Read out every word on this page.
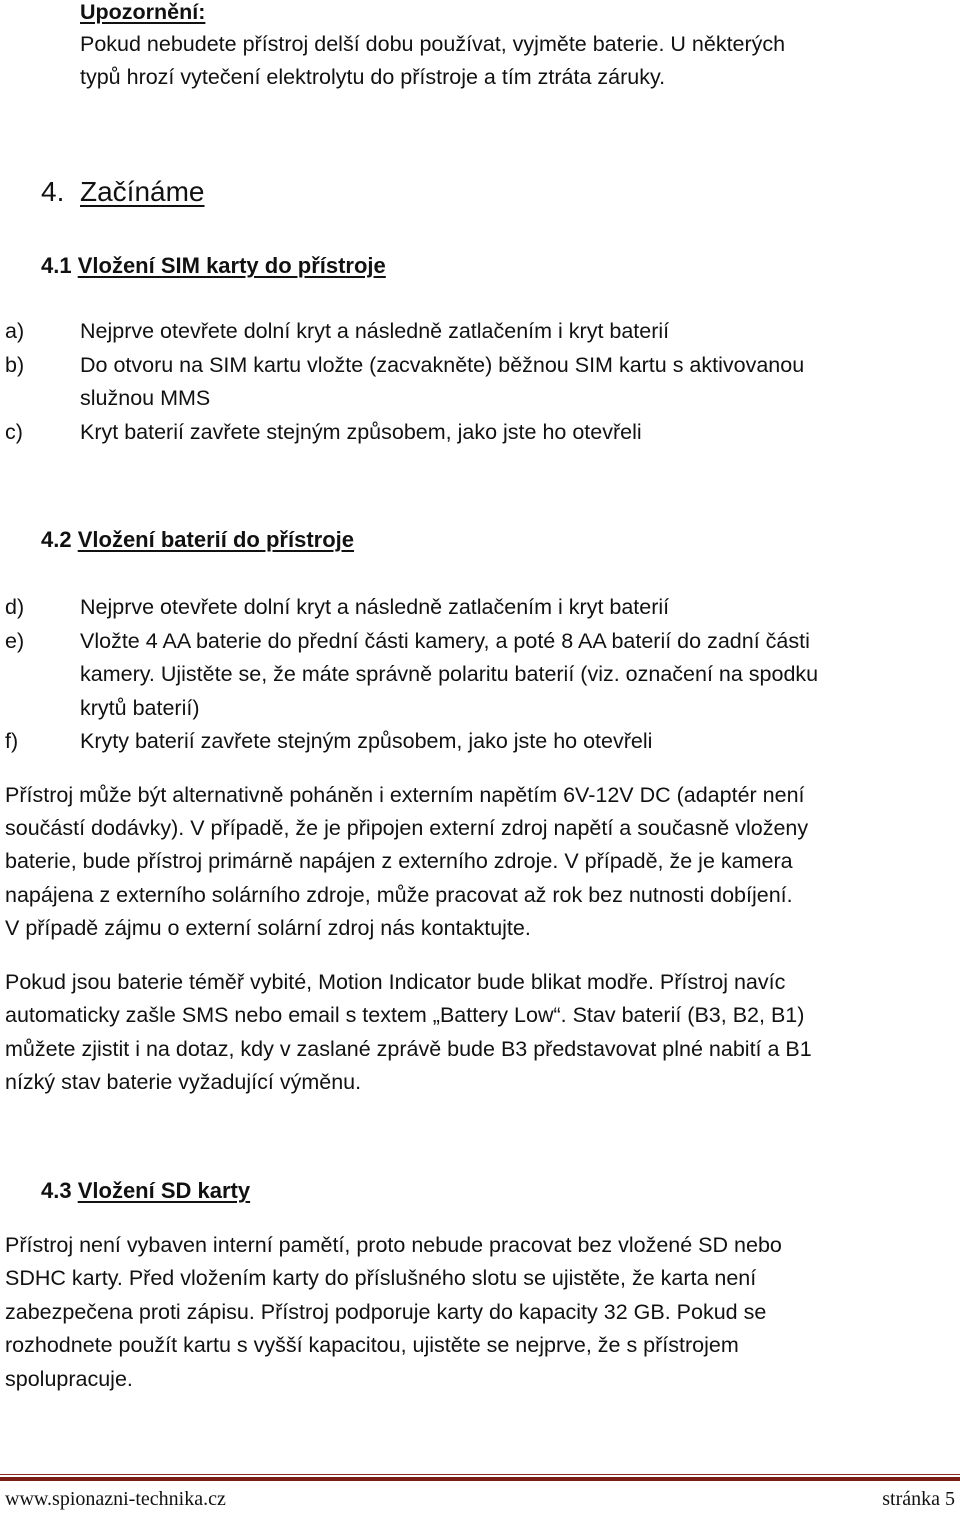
Upozornění:
Pokud nebudete přístroj delší dobu používat, vyjměte baterie. U některých
typů hrozí vytečení elektrolytu do přístroje a tím ztráta záruky.
4. Začínáme
4.1 Vložení SIM karty do přístroje
a)	Nejprve otevřete dolní kryt a následně zatlačením i kryt baterií
b)	Do otvoru na SIM kartu vložte (zacvakněte) běžnou SIM kartu s aktivovanou
služnou MMS
c)	Kryt baterií zavřete stejným způsobem, jako jste ho otevřeli
4.2 Vložení baterií do přístroje
d)	Nejprve otevřete dolní kryt a následně zatlačením i kryt baterií
e)	Vložte 4 AA baterie do přední části kamery, a poté 8 AA baterií do zadní části
kamery. Ujistěte se, že máte správně polaritu baterií (viz. označení na spodku
krytů baterií)
f)	Kryty baterií zavřete stejným způsobem, jako jste ho otevřeli
Přístroj může být alternativně poháněn i externím napětím 6V-12V DC (adaptér není
součástí dodávky). V případě, že je připojen externí zdroj napětí a současně vloženy
baterie, bude přístroj primárně napájen z externího zdroje. V případě, že je kamera
napájena z externího solárního zdroje, může pracovat až rok bez nutnosti dobíjení.
V případě zájmu o externí solární zdroj nás kontaktujte.
Pokud jsou baterie téměř vybité, Motion Indicator bude blikat modře. Přístroj navíc
automaticky zašle SMS nebo email s textem „Battery Low“. Stav baterií (B3, B2, B1)
můžete zjistit i na dotaz, kdy v zaslané zprávě bude B3 představovat plné nabití a B1
nízký stav baterie vyžadující výměnu.
4.3 Vložení SD karty
Přístroj není vybaven interní pamětí, proto nebude pracovat bez vložené SD nebo
SDHC karty. Před vložením karty do příslušného slotu se ujistěte, že karta není
zabezpečena proti zápisu. Přístroj podporuje karty do kapacity 32 GB. Pokud se
rozhodnete použít kartu s vyšší kapacitou, ujistěte se nejprve, že s přístrojem
spolupracuje.
www.spionazni-technika.cz	stránka 5
